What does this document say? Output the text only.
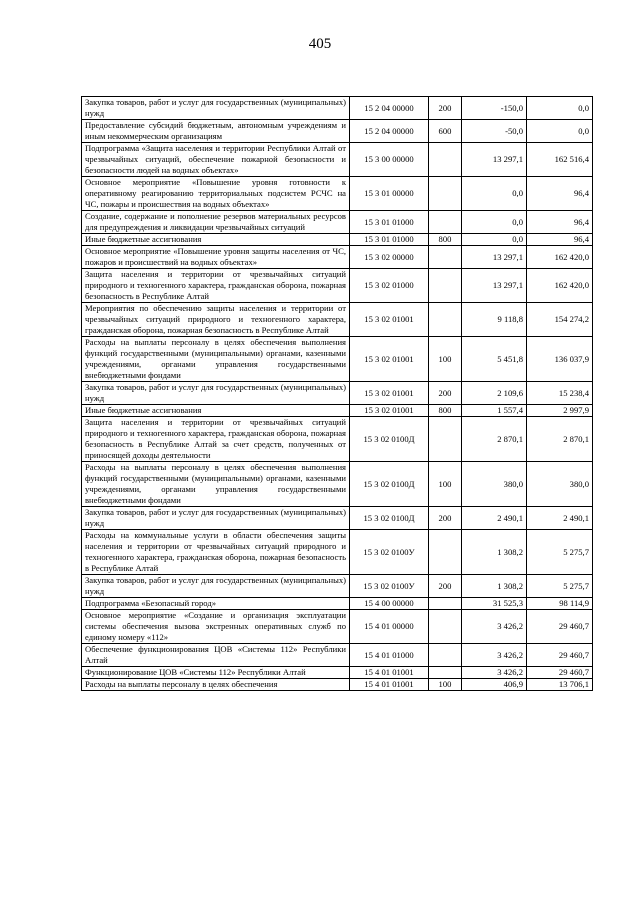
405
Закупка товаров, работ и услуг для государственных (муниципальных) нужд	15 2 04 00000	200	-150,0	0,0
Предоставление субсидий бюджетным, автономным учреждениям и иным некоммерческим организациям	15 2 04 00000	600	-50,0	0,0
Подпрограмма «Защита населения и территории Республики Алтай от чрезвычайных ситуаций, обеспечение пожарной безопасности и безопасности людей на водных объектах»	15 3 00 00000		13 297,1	162 516,4
Основное мероприятие «Повышение уровня готовности к оперативному реагированию территориальных подсистем РСЧС на ЧС, пожары и происшествия на водных объектах»	15 3 01 00000		0,0	96,4
Создание, содержание и пополнение резервов материальных ресурсов для предупреждения и ликвидации чрезвычайных ситуаций	15 3 01 01000		0,0	96,4
Иные бюджетные ассигнования	15 3 01 01000	800	0,0	96,4
Основное мероприятие «Повышение уровня защиты населения от ЧС, пожаров и происшествий на водных объектах»	15 3 02 00000		13 297,1	162 420,0
Защита населения и территории от чрезвычайных ситуаций природного и техногенного характера, гражданская оборона, пожарная безопасность в Республике Алтай	15 3 02 01000		13 297,1	162 420,0
Мероприятия по обеспечению защиты населения и территории от чрезвычайных ситуаций природного и техногенного характера, гражданская оборона, пожарная безопасность в Республике Алтай	15 3 02 01001		9 118,8	154 274,2
Расходы на выплаты персоналу в целях обеспечения выполнения функций государственными (муниципальными) органами, казенными учреждениями, органами управления государственными внебюджетными фондами	15 3 02 01001	100	5 451,8	136 037,9
Закупка товаров, работ и услуг для государственных (муниципальных) нужд	15 3 02 01001	200	2 109,6	15 238,4
Иные бюджетные ассигнования	15 3 02 01001	800	1 557,4	2 997,9
Защита населения и территории от чрезвычайных ситуаций природного и техногенного характера, гражданская оборона, пожарная безопасность в Республике Алтай за счет средств, полученных от приносящей доходы деятельности	15 3 02 0100Д		2 870,1	2 870,1
Расходы на выплаты персоналу в целях обеспечения выполнения функций государственными (муниципальными) органами, казенными учреждениями, органами управления государственными внебюджетными фондами	15 3 02 0100Д	100	380,0	380,0
Закупка товаров, работ и услуг для государственных (муниципальных) нужд	15 3 02 0100Д	200	2 490,1	2 490,1
Расходы на коммунальные услуги в области обеспечения защиты населения и территории от чрезвычайных ситуаций природного и техногенного характера, гражданская оборона, пожарная безопасность в Республике Алтай	15 3 02 0100У		1 308,2	5 275,7
Закупка товаров, работ и услуг для государственных (муниципальных) нужд	15 3 02 0100У	200	1 308,2	5 275,7
Подпрограмма «Безопасный город»	15 4 00 00000		31 525,3	98 114,9
Основное мероприятие «Создание и организация эксплуатации системы обеспечения вызова экстренных оперативных служб по единому номеру «112»	15 4 01 00000		3 426,2	29 460,7
Обеспечение функционирования ЦОВ «Системы 112» Республики Алтай	15 4 01 01000		3 426,2	29 460,7
Функционирование ЦОВ «Системы 112» Республики Алтай	15 4 01 01001		3 426,2	29 460,7
Расходы на выплаты персоналу в целях обеспечения	15 4 01 01001	100	406,9	13 706,1
